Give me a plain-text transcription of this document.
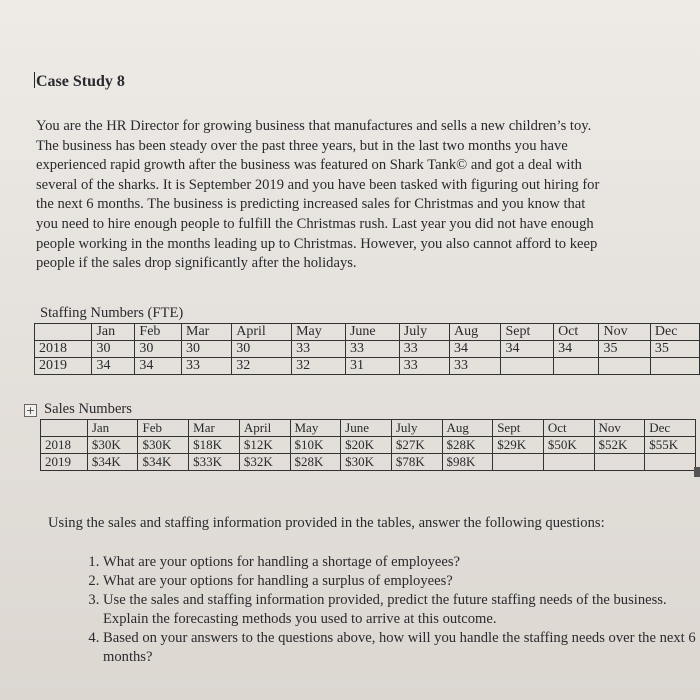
Case Study 8
You are the HR Director for growing business that manufactures and sells a new children’s toy.
The business has been steady over the past three years, but in the last two months you have
experienced rapid growth after the business was featured on Shark Tank© and got a deal with
several of the sharks. It is September 2019 and you have been tasked with figuring out hiring for
the next 6 months. The business is predicting increased sales for Christmas and you know that
you need to hire enough people to fulfill the Christmas rush. Last year you did not have enough
people working in the months leading up to Christmas. However, you also cannot afford to keep
people if the sales drop significantly after the holidays.
Staffing Numbers (FTE)
	Jan	Feb	Mar	April	May	June	July	Aug	Sept	Oct	Nov	Dec
2018	30	30	30	30	33	33	33	34	34	34	35	35
2019	34	34	33	32	32	31	33	33				
+ Sales Numbers
	Jan	Feb	Mar	April	May	June	July	Aug	Sept	Oct	Nov	Dec
2018	$30K	$30K	$18K	$12K	$10K	$20K	$27K	$28K	$29K	$50K	$52K	$55K
2019	$34K	$34K	$33K	$32K	$28K	$30K	$78K	$98K				
Using the sales and staffing information provided in the tables, answer the following questions:
1. What are your options for handling a shortage of employees?
2. What are your options for handling a surplus of employees?
3. Use the sales and staffing information provided, predict the future staffing needs of the business. Explain the forecasting methods you used to arrive at this outcome.
4. Based on your answers to the questions above, how will you handle the staffing needs over the next 6 months?
